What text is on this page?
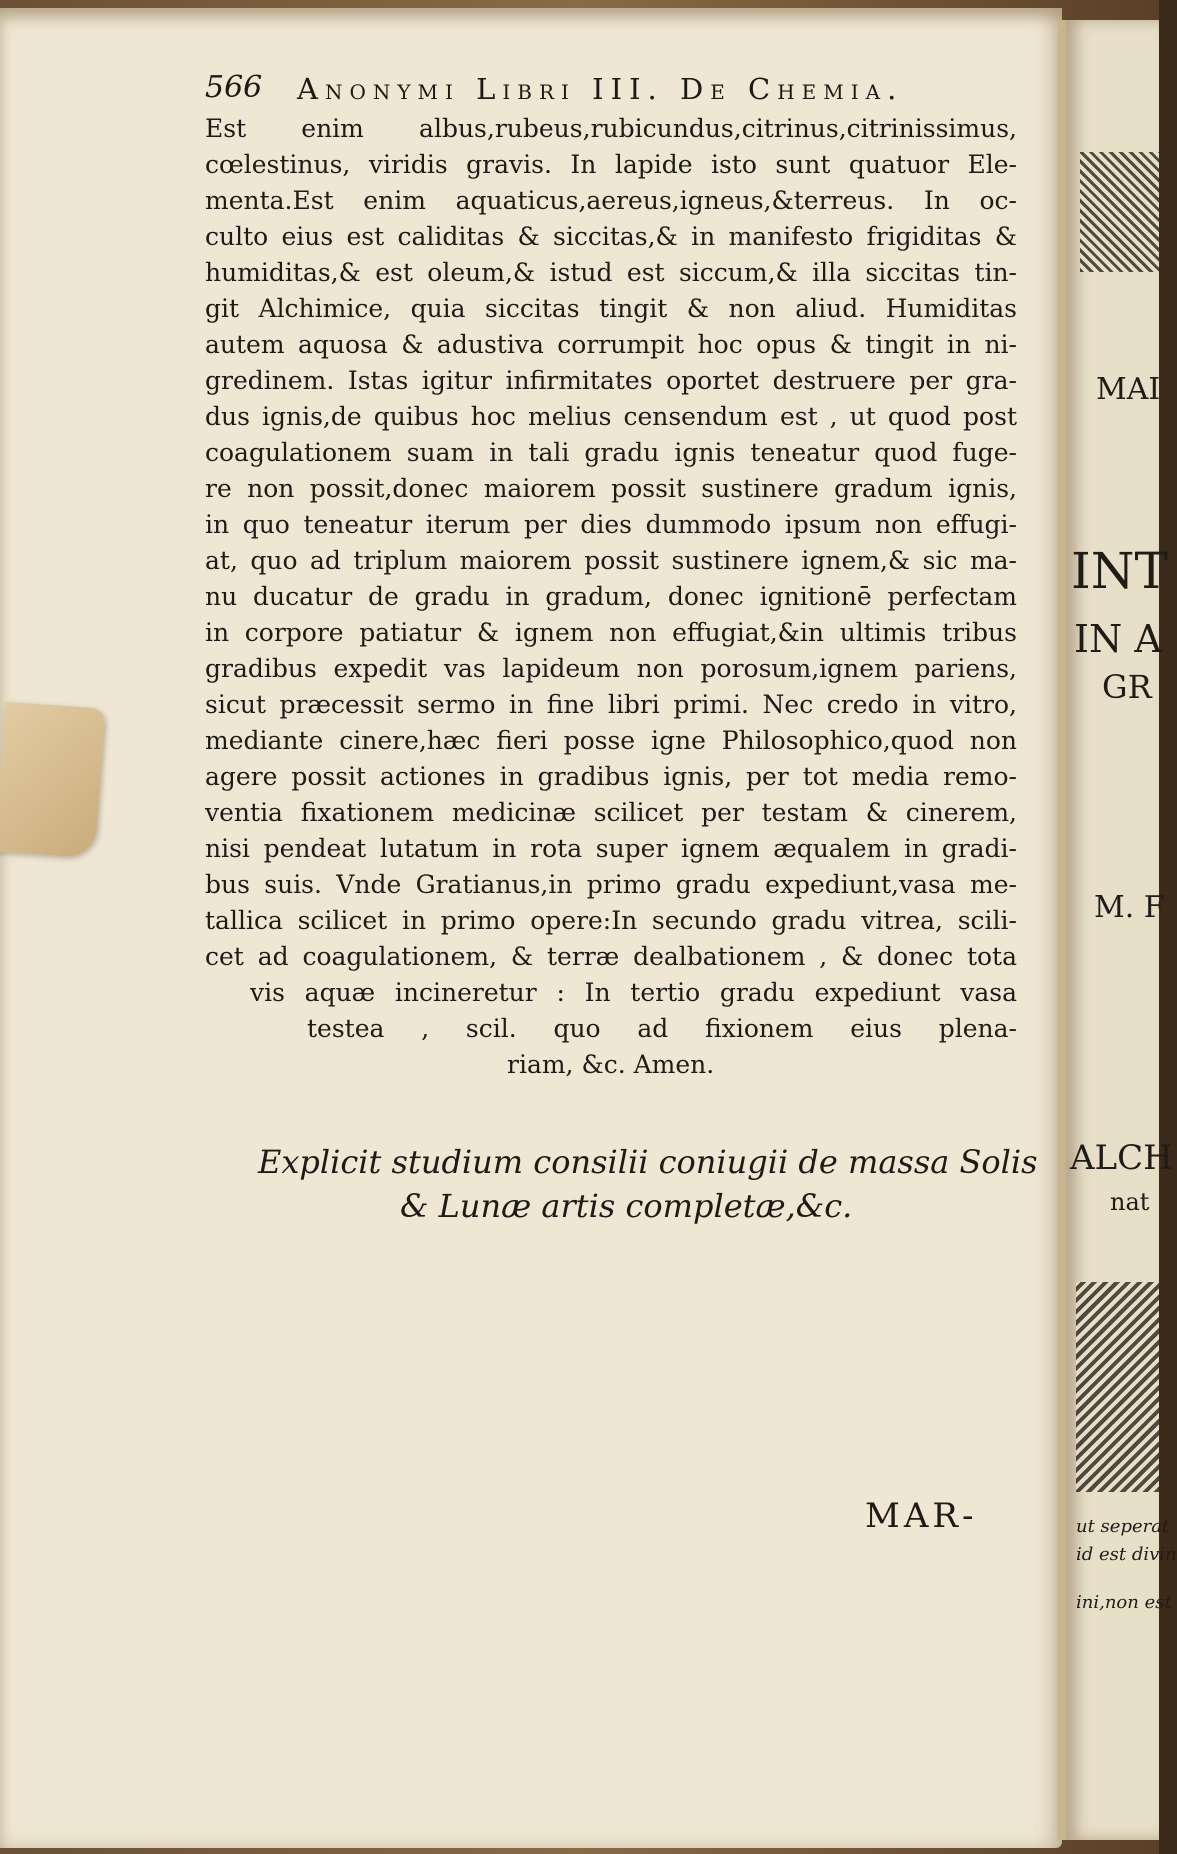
566 Anonymi Libri III. De Chemia.
Est enim albus,rubeus,rubicundus,citrinus,citrinissimus,
cœlestinus, viridis gravis. In lapide isto sunt quatuor Ele-
menta.Est enim aquaticus,aereus,igneus,&terreus. In oc-
culto eius est caliditas & siccitas,& in manifesto frigiditas &
humiditas,& est oleum,& istud est siccum,& illa siccitas tin-
git Alchimice, quia siccitas tingit & non aliud. Humiditas
autem aquosa & adustiva corrumpit hoc opus & tingit in ni-
gredinem. Istas igitur infirmitates oportet destruere per gra-
dus ignis,de quibus hoc melius censendum est , ut quod post
coagulationem suam in tali gradu ignis teneatur quod fuge-
re non possit,donec maiorem possit sustinere gradum ignis,
in quo teneatur iterum per dies dummodo ipsum non effugi-
at, quo ad triplum maiorem possit sustinere ignem,& sic ma-
nu ducatur de gradu in gradum, donec ignitionē perfectam
in corpore patiatur & ignem non effugiat,&in ultimis tribus
gradibus expedit vas lapideum non porosum,ignem pariens,
sicut præcessit sermo in fine libri primi. Nec credo in vitro,
mediante cinere,hæc fieri posse igne Philosophico,quod non
agere possit actiones in gradibus ignis, per tot media remo-
ventia fixationem medicinæ scilicet per testam & cinerem,
nisi pendeat lutatum in rota super ignem æqualem in gradi-
bus suis. Vnde Gratianus,in primo gradu expediunt,vasa me-
tallica scilicet in primo opere:In secundo gradu vitrea, scili-
cet ad coagulationem, & terræ dealbationem , & donec tota
vis aquæ incineretur : In tertio gradu expediunt vasa
testea , scil. quo ad fixionem eius plena-
riam, &c. Amen.
Explicit studium consilii coniugii de massa Solis
& Lunæ artis completæ,&c.
MAR-
MAI
INT
IN A
GR
M. F
ALCH
nat
ut seperat
id est divin
ini,non est
